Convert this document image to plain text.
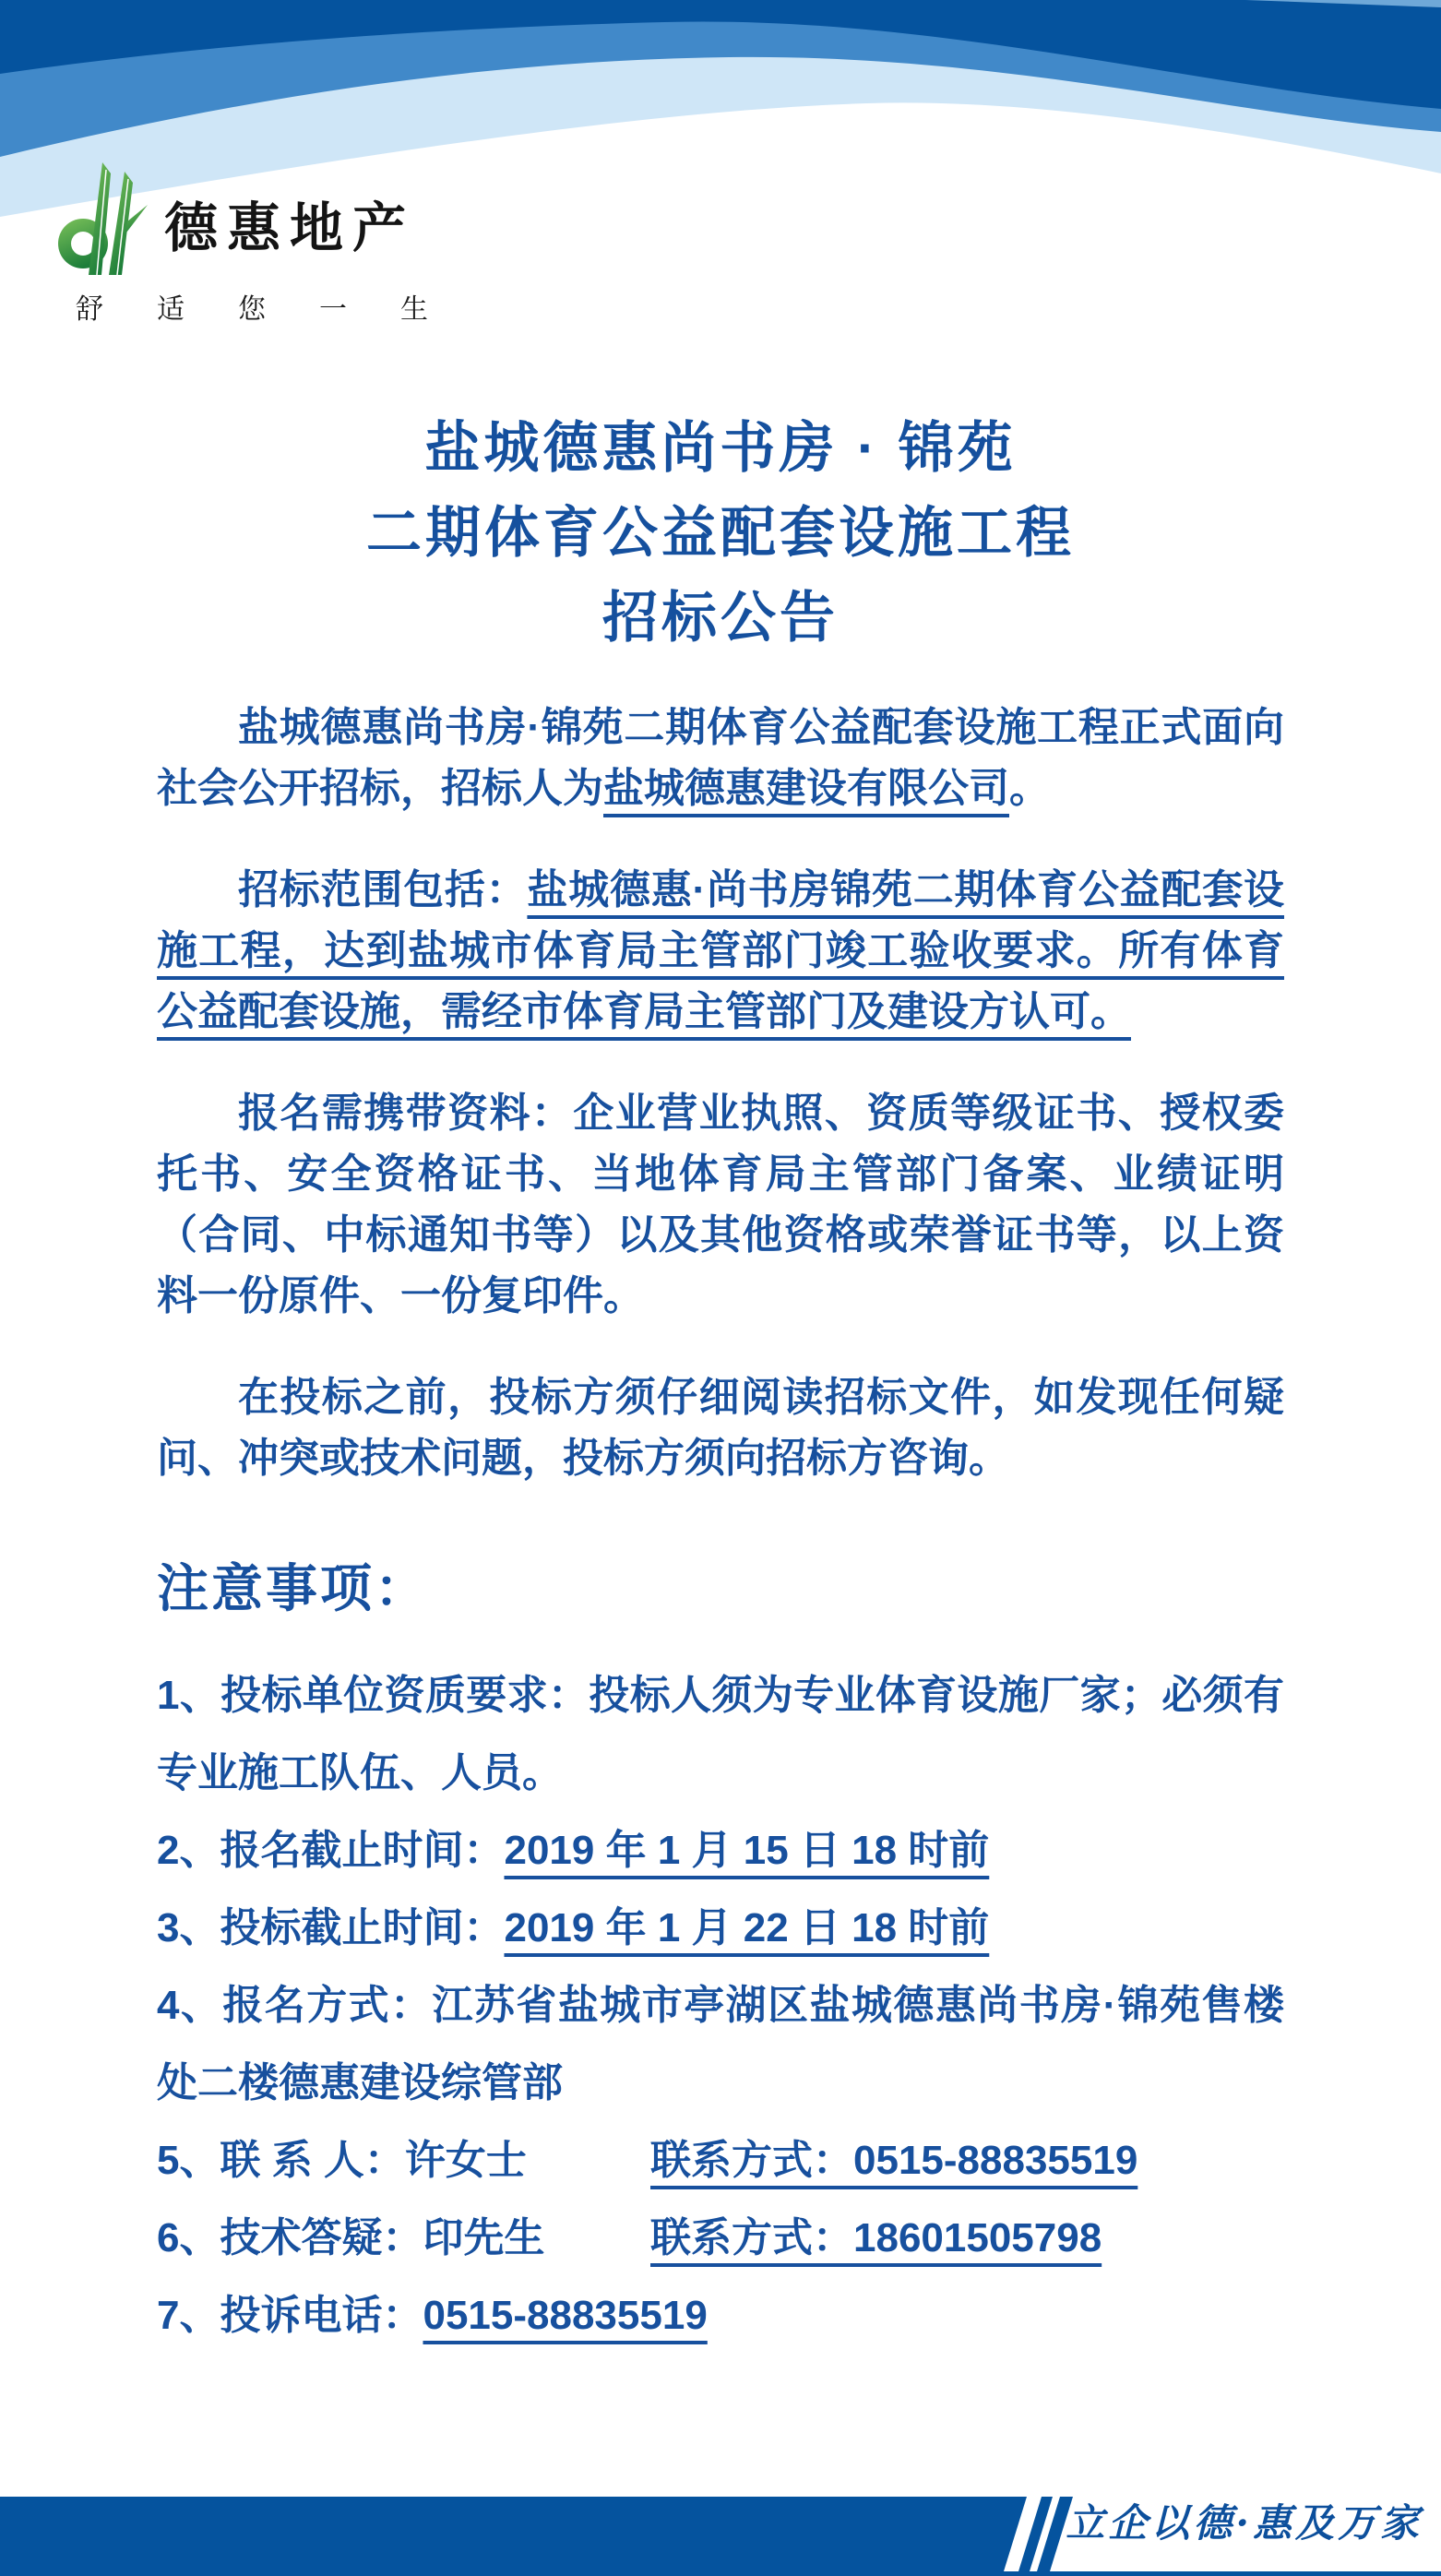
德惠地产
舒适您一生
盐城德惠尚书房 · 锦苑
二期体育公益配套设施工程
招标公告

盐城德惠尚书房·锦苑二期体育公益配套设施工程正式面向社会公开招标，招标人为盐城德惠建设有限公司。

招标范围包括：盐城德惠·尚书房锦苑二期体育公益配套设施工程，达到盐城市体育局主管部门竣工验收要求。所有体育公益配套设施，需经市体育局主管部门及建设方认可。

报名需携带资料：企业营业执照、资质等级证书、授权委托书、安全资格证书、当地体育局主管部门备案、业绩证明（合同、中标通知书等）以及其他资格或荣誉证书等，以上资料一份原件、一份复印件。

在投标之前，投标方须仔细阅读招标文件，如发现任何疑问、冲突或技术问题，投标方须向招标方咨询。

注意事项：

1、投标单位资质要求：投标人须为专业体育设施厂家；必须有专业施工队伍、人员。

2、报名截止时间：2019 年 1 月 15 日 18 时前

3、投标截止时间：2019 年 1 月 22 日 18 时前

4、报名方式：江苏省盐城市亭湖区盐城德惠尚书房·锦苑售楼处二楼德惠建设综管部

5、联 系 人：许女士	联系方式：0515-88835519

6、技术答疑：印先生	联系方式：18601505798

7、投诉电话：0515-88835519

立企以德·惠及万家
